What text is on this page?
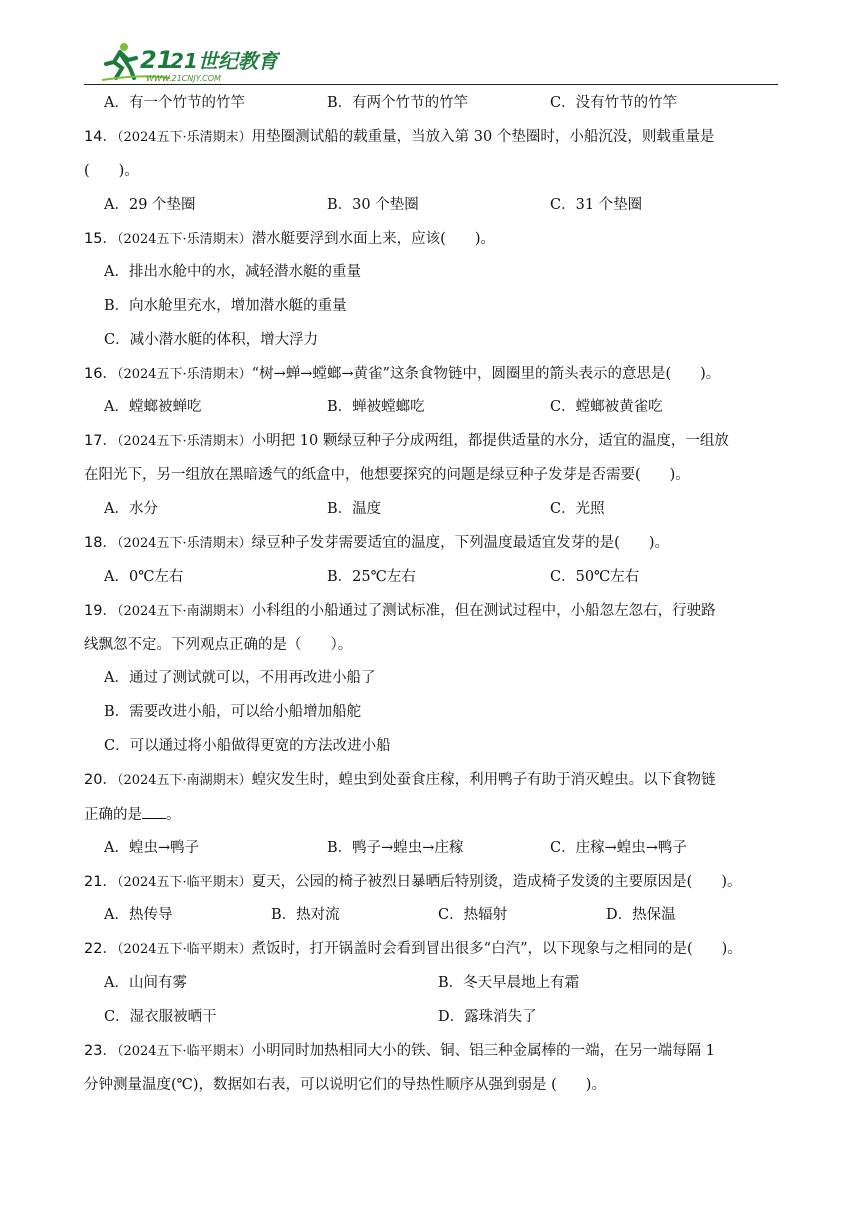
21
21世纪教育
WWW.21CNJY.COM
A．有一个竹节的竹竿	B．有两个竹节的竹竿	C．没有竹节的竹竿
14．（2024五下·乐清期末）用垫圈测试船的载重量，当放入第 30 个垫圈时，小船沉没，则载重量是
(　　)。
A．29 个垫圈	B．30 个垫圈	C．31 个垫圈
15．（2024五下·乐清期末）潜水艇要浮到水面上来，应该(　　)。
A．排出水舱中的水，减轻潜水艇的重量
B．向水舱里充水，增加潜水艇的重量
C．减小潜水艇的体积，增大浮力
16．（2024五下·乐清期末）“树→蝉→螳螂→黄雀”这条食物链中，圆圈里的箭头表示的意思是(　　)。
A．螳螂被蝉吃	B．蝉被螳螂吃	C．螳螂被黄雀吃
17．（2024五下·乐清期末）小明把 10 颗绿豆种子分成两组，都提供适量的水分，适宜的温度，一组放
在阳光下，另一组放在黑暗透气的纸盒中，他想要探究的问题是绿豆种子发芽是否需要(　　)。
A．水分	B．温度	C．光照
18．（2024五下·乐清期末）绿豆种子发芽需要适宜的温度，下列温度最适宜发芽的是(　　)。
A．0℃左右	B．25℃左右	C．50℃左右
19．（2024五下·南湖期末）小科组的小船通过了测试标准，但在测试过程中，小船忽左忽右，行驶路
线飘忽不定。下列观点正确的是（　　）。
A．通过了测试就可以，不用再改进小船了
B．需要改进小船，可以给小船增加船舵
C．可以通过将小船做得更宽的方法改进小船
20．（2024五下·南湖期末）蝗灾发生时，蝗虫到处蚕食庄稼，利用鸭子有助于消灭蝗虫。以下食物链
正确的是 。
A．蝗虫→鸭子	B．鸭子→蝗虫→庄稼	C．庄稼→蝗虫→鸭子
21．（2024五下·临平期末）夏天，公园的椅子被烈日暴晒后特别烫，造成椅子发烫的主要原因是(　　)。
A．热传导	B．热对流	C．热辐射	D．热保温
22．（2024五下·临平期末）煮饭时，打开锅盖时会看到冒出很多“白汽”，以下现象与之相同的是(　　)。
A．山间有雾	B．冬天早晨地上有霜
C．湿衣服被晒干	D．露珠消失了
23．（2024五下·临平期末）小明同时加热相同大小的铁、铜、铝三种金属棒的一端，在另一端每隔 1
分钟测量温度(℃)，数据如右表，可以说明它们的导热性顺序从强到弱是 (　　)。
